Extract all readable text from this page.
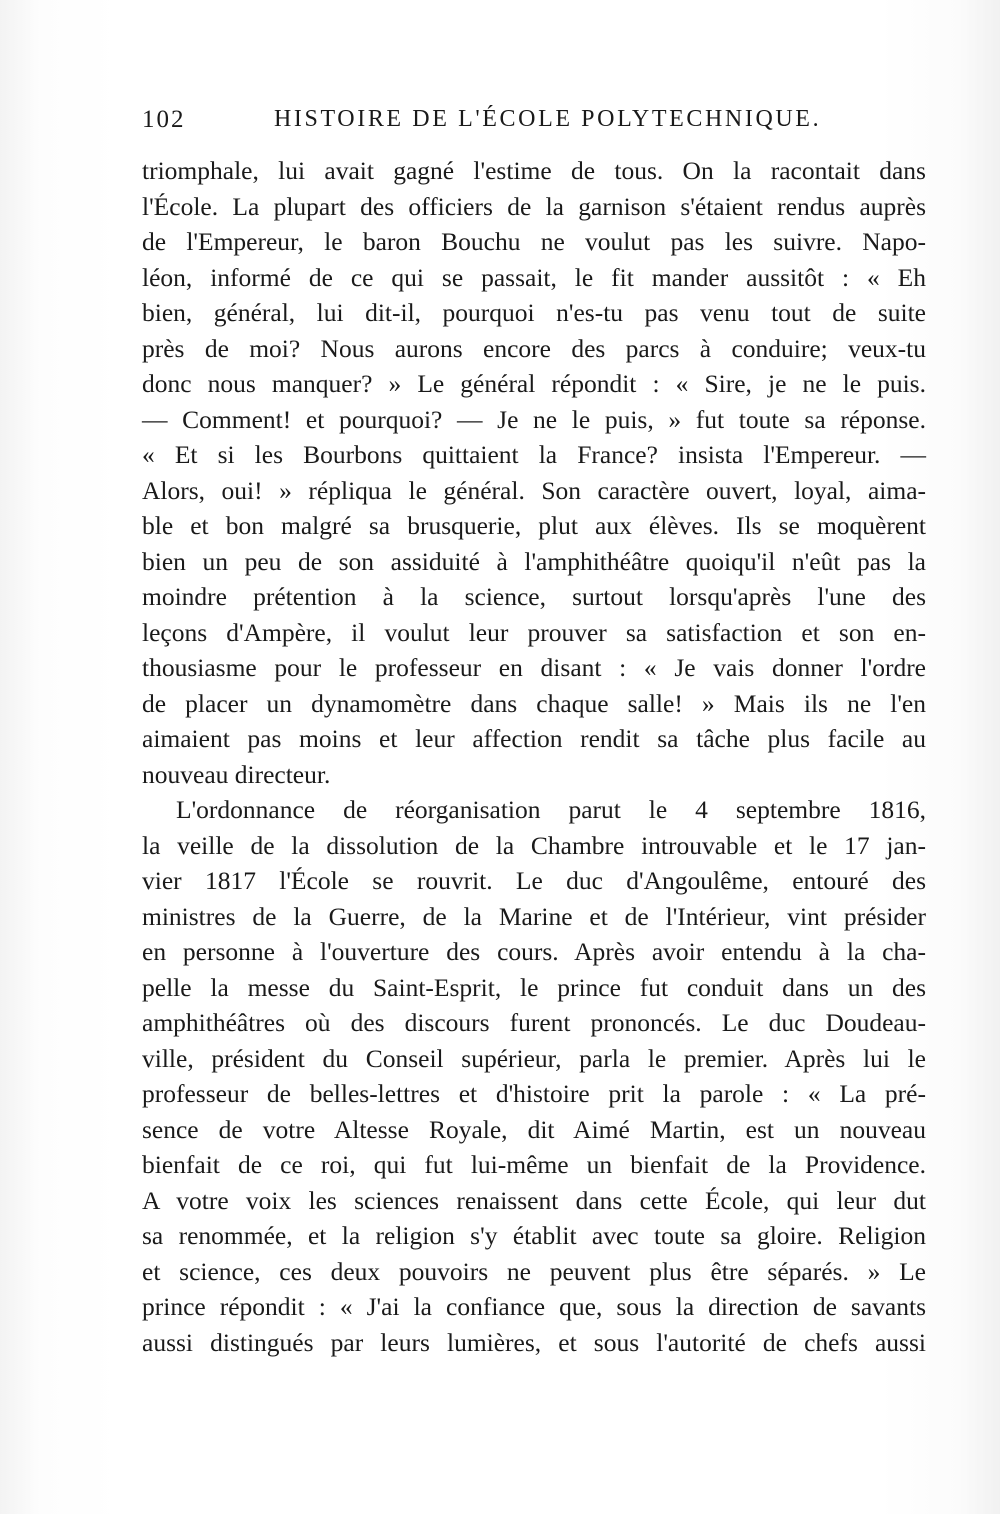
102	HISTOIRE DE L'ÉCOLE POLYTECHNIQUE.
triomphale, lui avait gagné l'estime de tous. On la racontait dans
l'École. La plupart des officiers de la garnison s'étaient rendus auprès
de l'Empereur, le baron Bouchu ne voulut pas les suivre. Napo-
léon, informé de ce qui se passait, le fit mander aussitôt : « Eh
bien, général, lui dit-il, pourquoi n'es-tu pas venu tout de suite
près de moi? Nous aurons encore des parcs à conduire; veux-tu
donc nous manquer? » Le général répondit : « Sire, je ne le puis.
— Comment! et pourquoi? — Je ne le puis, » fut toute sa réponse.
« Et si les Bourbons quittaient la France? insista l'Empereur. —
Alors, oui! » répliqua le général. Son caractère ouvert, loyal, aima-
ble et bon malgré sa brusquerie, plut aux élèves. Ils se moquèrent
bien un peu de son assiduité à l'amphithéâtre quoiqu'il n'eût pas la
moindre prétention à la science, surtout lorsqu'après l'une des
leçons d'Ampère, il voulut leur prouver sa satisfaction et son en-
thousiasme pour le professeur en disant : « Je vais donner l'ordre
de placer un dynamomètre dans chaque salle! » Mais ils ne l'en
aimaient pas moins et leur affection rendit sa tâche plus facile au
nouveau directeur.
L'ordonnance de réorganisation parut le 4 septembre 1816,
la veille de la dissolution de la Chambre introuvable et le 17 jan-
vier 1817 l'École se rouvrit. Le duc d'Angoulême, entouré des
ministres de la Guerre, de la Marine et de l'Intérieur, vint présider
en personne à l'ouverture des cours. Après avoir entendu à la cha-
pelle la messe du Saint-Esprit, le prince fut conduit dans un des
amphithéâtres où des discours furent prononcés. Le duc Doudeau-
ville, président du Conseil supérieur, parla le premier. Après lui le
professeur de belles-lettres et d'histoire prit la parole : « La pré-
sence de votre Altesse Royale, dit Aimé Martin, est un nouveau
bienfait de ce roi, qui fut lui-même un bienfait de la Providence.
A votre voix les sciences renaissent dans cette École, qui leur dut
sa renommée, et la religion s'y établit avec toute sa gloire. Religion
et science, ces deux pouvoirs ne peuvent plus être séparés. » Le
prince répondit : « J'ai la confiance que, sous la direction de savants
aussi distingués par leurs lumières, et sous l'autorité de chefs aussi
